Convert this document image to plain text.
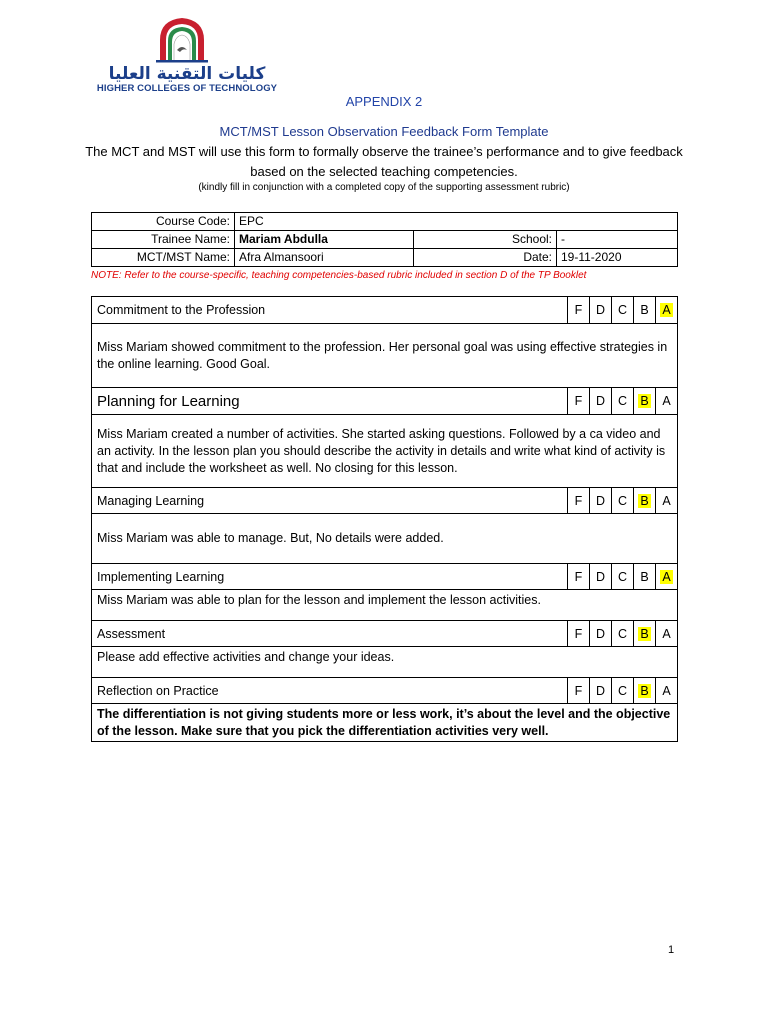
كليات التقنية العليا
HIGHER COLLEGES OF TECHNOLOGY
APPENDIX 2
MCT/MST Lesson Observation Feedback Form Template
The MCT and MST will use this form to formally observe the trainee’s performance and to give feedback based on the selected teaching competencies.
(kindly fill in conjunction with a completed copy of the supporting assessment rubric)
Course Code:	EPC		
Trainee Name:	Mariam Abdulla	School:	-
MCT/MST Name:	Afra Almansoori	Date:	19-11-2020
NOTE: Refer to the course-specific, teaching competencies-based rubric included in section D of the TP Booklet
Commitment to the Profession	F	D	C	B	A
Miss Mariam showed commitment to the profession. Her personal goal was using effective strategies in the online learning. Good Goal.					
Planning for Learning	F	D	C	B	A
Miss Mariam created a number of activities. She started asking questions. Followed by a ca video and an activity. In the lesson plan you should describe the activity in details and write what kind of activity is that and include the worksheet as well. No closing for this lesson.					
Managing Learning	F	D	C	B	A
Miss Mariam was able to manage. But, No details were added.					
Implementing Learning	F	D	C	B	A
Miss Mariam was able to plan for the lesson and implement the lesson activities.					
Assessment	F	D	C	B	A
Please add effective activities and change your ideas.					
Reflection on Practice	F	D	C	B	A
The differentiation is not giving students more or less work, it’s about the level and the objective of the lesson. Make sure that you pick the differentiation activities very well.					
1
